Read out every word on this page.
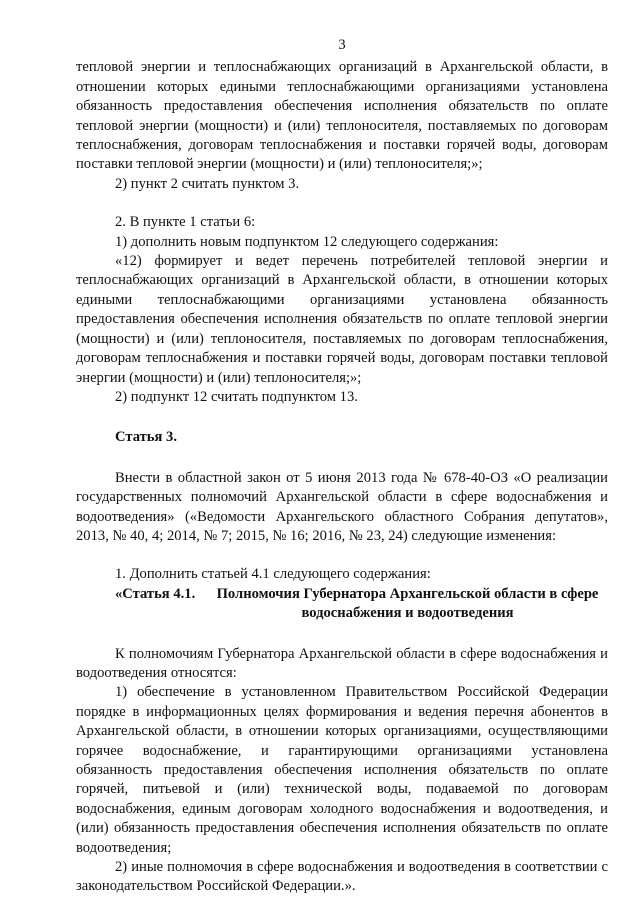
3

тепловой энергии и теплоснабжающих организаций в Архангельской области, в отношении которых едиными теплоснабжающими организациями установлена обязанность предоставления обеспечения исполнения обязательств по оплате тепловой энергии (мощности) и (или) теплоносителя, поставляемых по договорам теплоснабжения, договорам теплоснабжения и поставки горячей воды, договорам поставки тепловой энергии (мощности) и (или) теплоносителя;»;

2) пункт 2 считать пунктом 3.

2. В пункте 1 статьи 6:

1) дополнить новым подпунктом 12 следующего содержания:

«12) формирует и ведет перечень потребителей тепловой энергии и теплоснабжающих организаций в Архангельской области, в отношении которых едиными теплоснабжающими организациями установлена обязанность предоставления обеспечения исполнения обязательств по оплате тепловой энергии (мощности) и (или) теплоносителя, поставляемых по договорам теплоснабжения, договорам теплоснабжения и поставки горячей воды, договорам поставки тепловой энергии (мощности) и (или) теплоносителя;»;

2) подпункт 12 считать подпунктом 13.

Статья 3.

Внести в областной закон от 5 июня 2013 года № 678-40-ОЗ «О реализации государственных полномочий Архангельской области в сфере водоснабжения и водоотведения» («Ведомости Архангельского областного Собрания депутатов», 2013, № 40, 4; 2014, № 7; 2015, № 16; 2016, № 23, 24) следующие изменения:

1. Дополнить статьей 4.1 следующего содержания:

«Статья 4.1.	Полномочия Губернатора Архангельской области в сфере водоснабжения и водоотведения

К полномочиям Губернатора Архангельской области в сфере водоснабжения и водоотведения относятся:

1) обеспечение в установленном Правительством Российской Федерации порядке в информационных целях формирования и ведения перечня абонентов в Архангельской области, в отношении которых организациями, осуществляющими горячее водоснабжение, и гарантирующими организациями установлена обязанность предоставления обеспечения исполнения обязательств по оплате горячей, питьевой и (или) технической воды, подаваемой по договорам водоснабжения, единым договорам холодного водоснабжения и водоотведения, и (или) обязанность предоставления обеспечения исполнения обязательств по оплате водоотведения;

2) иные полномочия в сфере водоснабжения и водоотведения в соответствии с законодательством Российской Федерации.».
